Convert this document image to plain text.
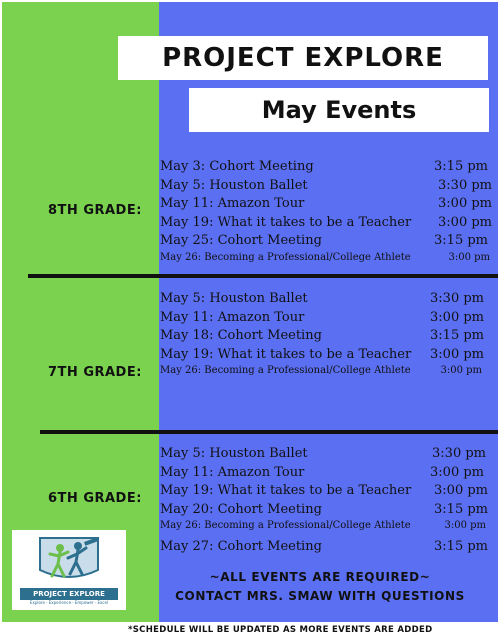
PROJECT EXPLORE
May Events
8TH GRADE:
May 3: Cohort Meeting	3:15 pm
May 5: Houston Ballet	3:30 pm
May 11: Amazon Tour	3:00 pm
May 19: What it takes to be a Teacher 3:00 pm
May 25: Cohort Meeting	3:15 pm
May 26: Becoming a Professional/College Athlete	3:00 pm
7TH GRADE:
May 5: Houston Ballet	3:30 pm
May 11: Amazon Tour	3:00 pm
May 18: Cohort Meeting	3:15 pm
May 19: What it takes to be a Teacher 3:00 pm
May 26: Becoming a Professional/College Athlete	3:00 pm
6TH GRADE:
May 5: Houston Ballet	3:30 pm
May 11: Amazon Tour	3:00 pm
May 19: What it takes to be a Teacher 3:00 pm
May 20: Cohort Meeting	3:15 pm
May 26: Becoming a Professional/College Athlete	3:00 pm
May 27: Cohort Meeting	3:15 pm
PROJECT EXPLORE
Explore · Experience · Empower · Excel
~ALL EVENTS ARE REQUIRED~
CONTACT MRS. SMAW WITH QUESTIONS
*SCHEDULE WILL BE UPDATED AS MORE EVENTS ARE ADDED
